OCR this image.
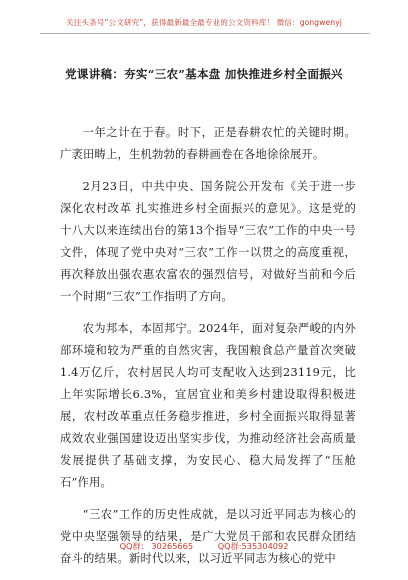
关注头条号“公文研究”，获得最新最全最专业的公文资料库！ 微信：gongwenyj
党课讲稿：夯实“三农”基本盘 加快推进乡村全面振兴

一年之计在于春。时下，正是春耕农忙的关键时期。广袤田畴上，生机勃勃的春耕画卷在各地徐徐展开。

2月23日，中共中央、国务院公开发布《关于进一步深化农村改革 扎实推进乡村全面振兴的意见》。这是党的十八大以来连续出台的第13个指导“三农”工作的中央一号文件，体现了党中央对“三农”工作一以贯之的高度重视，再次释放出强农惠农富农的强烈信号，对做好当前和今后一个时期“三农”工作指明了方向。

农为邦本，本固邦宁。2024年，面对复杂严峻的内外部环境和较为严重的自然灾害，我国粮食总产量首次突破1.4万亿斤，农村居民人均可支配收入达到23119元，比上年实际增长6.3%，宜居宜业和美乡村建设取得积极进展，农村改革重点任务稳步推进，乡村全面振兴取得显著成效农业强国建设迈出坚实步伐，为推动经济社会高质量发展提供了基础支撑，为安民心、稳大局发挥了“压舱石”作用。

“三农”工作的历史性成就，是以习近平同志为核心的党中央坚强领导的结果，是广大党员干部和农民群众团结奋斗的结果。新时代以来，以习近平同志为核心的党中

QQ群： 30265665	QQ群:535304092
